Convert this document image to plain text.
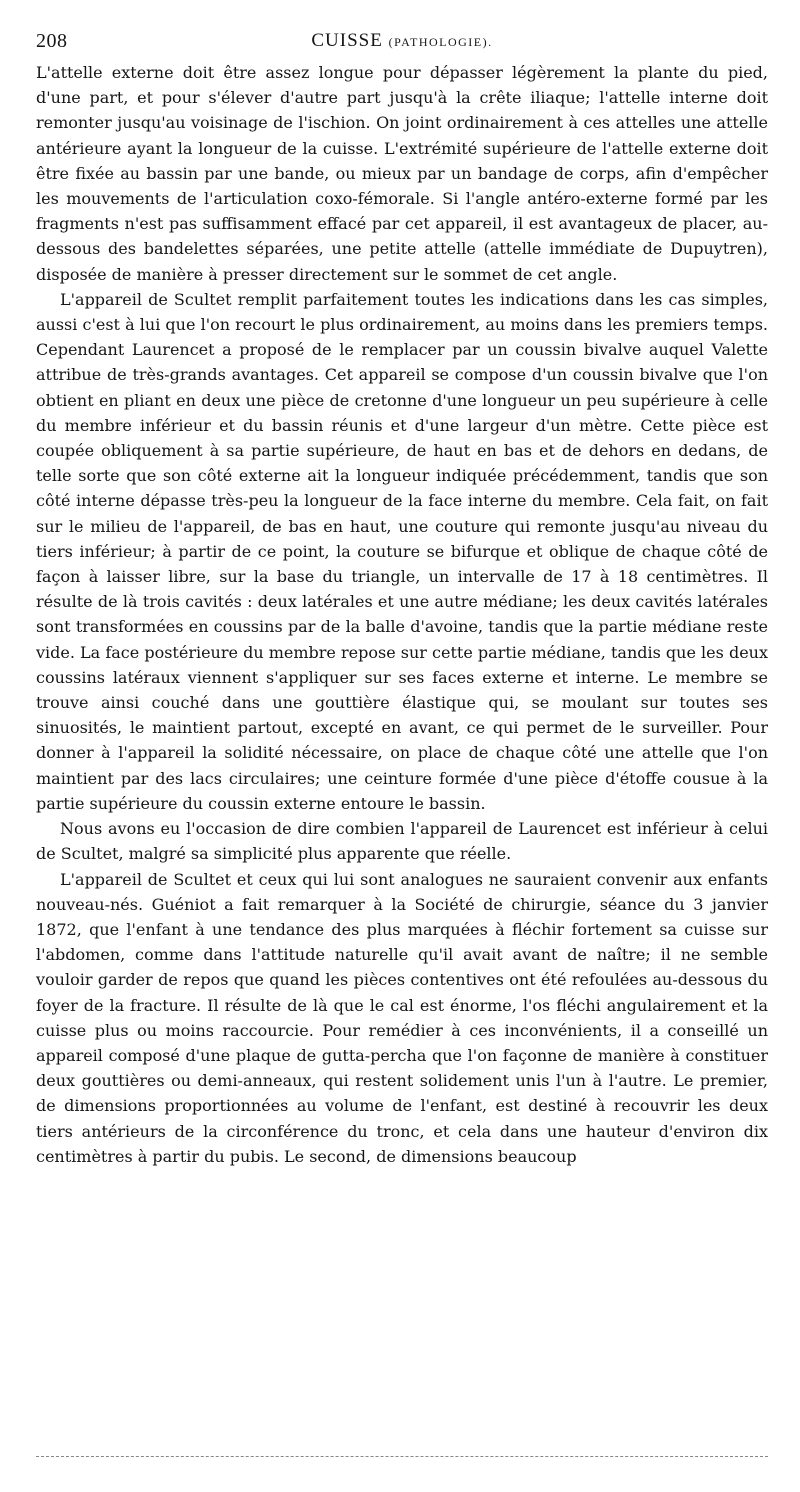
208	CUISSE (PATHOLOGIE).

L'attelle externe doit être assez longue pour dépasser légèrement la plante du pied, d'une part, et pour s'élever d'autre part jusqu'à la crête iliaque; l'attelle interne doit remonter jusqu'au voisinage de l'ischion. On joint ordinairement à ces attelles une attelle antérieure ayant la longueur de la cuisse. L'extrémité supérieure de l'attelle externe doit être fixée au bassin par une bande, ou mieux par un bandage de corps, afin d'empêcher les mouvements de l'articulation coxo-fémorale. Si l'angle antéro-externe formé par les fragments n'est pas suffisamment effacé par cet appareil, il est avantageux de placer, au-dessous des bandelettes séparées, une petite attelle (attelle immédiate de Dupuytren), disposée de manière à presser directement sur le sommet de cet angle.

L'appareil de Scultet remplit parfaitement toutes les indications dans les cas simples, aussi c'est à lui que l'on recourt le plus ordinairement, au moins dans les premiers temps. Cependant Laurencet a proposé de le remplacer par un coussin bivalve auquel Valette attribue de très-grands avantages. Cet appareil se compose d'un coussin bivalve que l'on obtient en pliant en deux une pièce de cretonne d'une longueur un peu supérieure à celle du membre inférieur et du bassin réunis et d'une largeur d'un mètre. Cette pièce est coupée obliquement à sa partie supérieure, de haut en bas et de dehors en dedans, de telle sorte que son côté externe ait la longueur indiquée précédemment, tandis que son côté interne dépasse très-peu la longueur de la face interne du membre. Cela fait, on fait sur le milieu de l'appareil, de bas en haut, une couture qui remonte jusqu'au niveau du tiers inférieur; à partir de ce point, la couture se bifurque et oblique de chaque côté de façon à laisser libre, sur la base du triangle, un intervalle de 17 à 18 centimètres. Il résulte de là trois cavités : deux latérales et une autre médiane; les deux cavités latérales sont transformées en coussins par de la balle d'avoine, tandis que la partie médiane reste vide. La face postérieure du membre repose sur cette partie médiane, tandis que les deux coussins latéraux viennent s'appliquer sur ses faces externe et interne. Le membre se trouve ainsi couché dans une gouttière élastique qui, se moulant sur toutes ses sinuosités, le maintient partout, excepté en avant, ce qui permet de le surveiller. Pour donner à l'appareil la solidité nécessaire, on place de chaque côté une attelle que l'on maintient par des lacs circulaires; une ceinture formée d'une pièce d'étoffe cousue à la partie supérieure du coussin externe entoure le bassin.

Nous avons eu l'occasion de dire combien l'appareil de Laurencet est inférieur à celui de Scultet, malgré sa simplicité plus apparente que réelle.

L'appareil de Scultet et ceux qui lui sont analogues ne sauraient convenir aux enfants nouveau-nés. Guéniot a fait remarquer à la Société de chirurgie, séance du 3 janvier 1872, que l'enfant à une tendance des plus marquées à fléchir fortement sa cuisse sur l'abdomen, comme dans l'attitude naturelle qu'il avait avant de naître; il ne semble vouloir garder de repos que quand les pièces contentives ont été refoulées au-dessous du foyer de la fracture. Il résulte de là que le cal est énorme, l'os fléchi angulairement et la cuisse plus ou moins raccourcie. Pour remédier à ces inconvénients, il a conseillé un appareil composé d'une plaque de gutta-percha que l'on façonne de manière à constituer deux gouttières ou demi-anneaux, qui restent solidement unis l'un à l'autre. Le premier, de dimensions proportionnées au volume de l'enfant, est destiné à recouvrir les deux tiers antérieurs de la circonférence du tronc, et cela dans une hauteur d'environ dix centimètres à partir du pubis. Le second, de dimensions beaucoup
